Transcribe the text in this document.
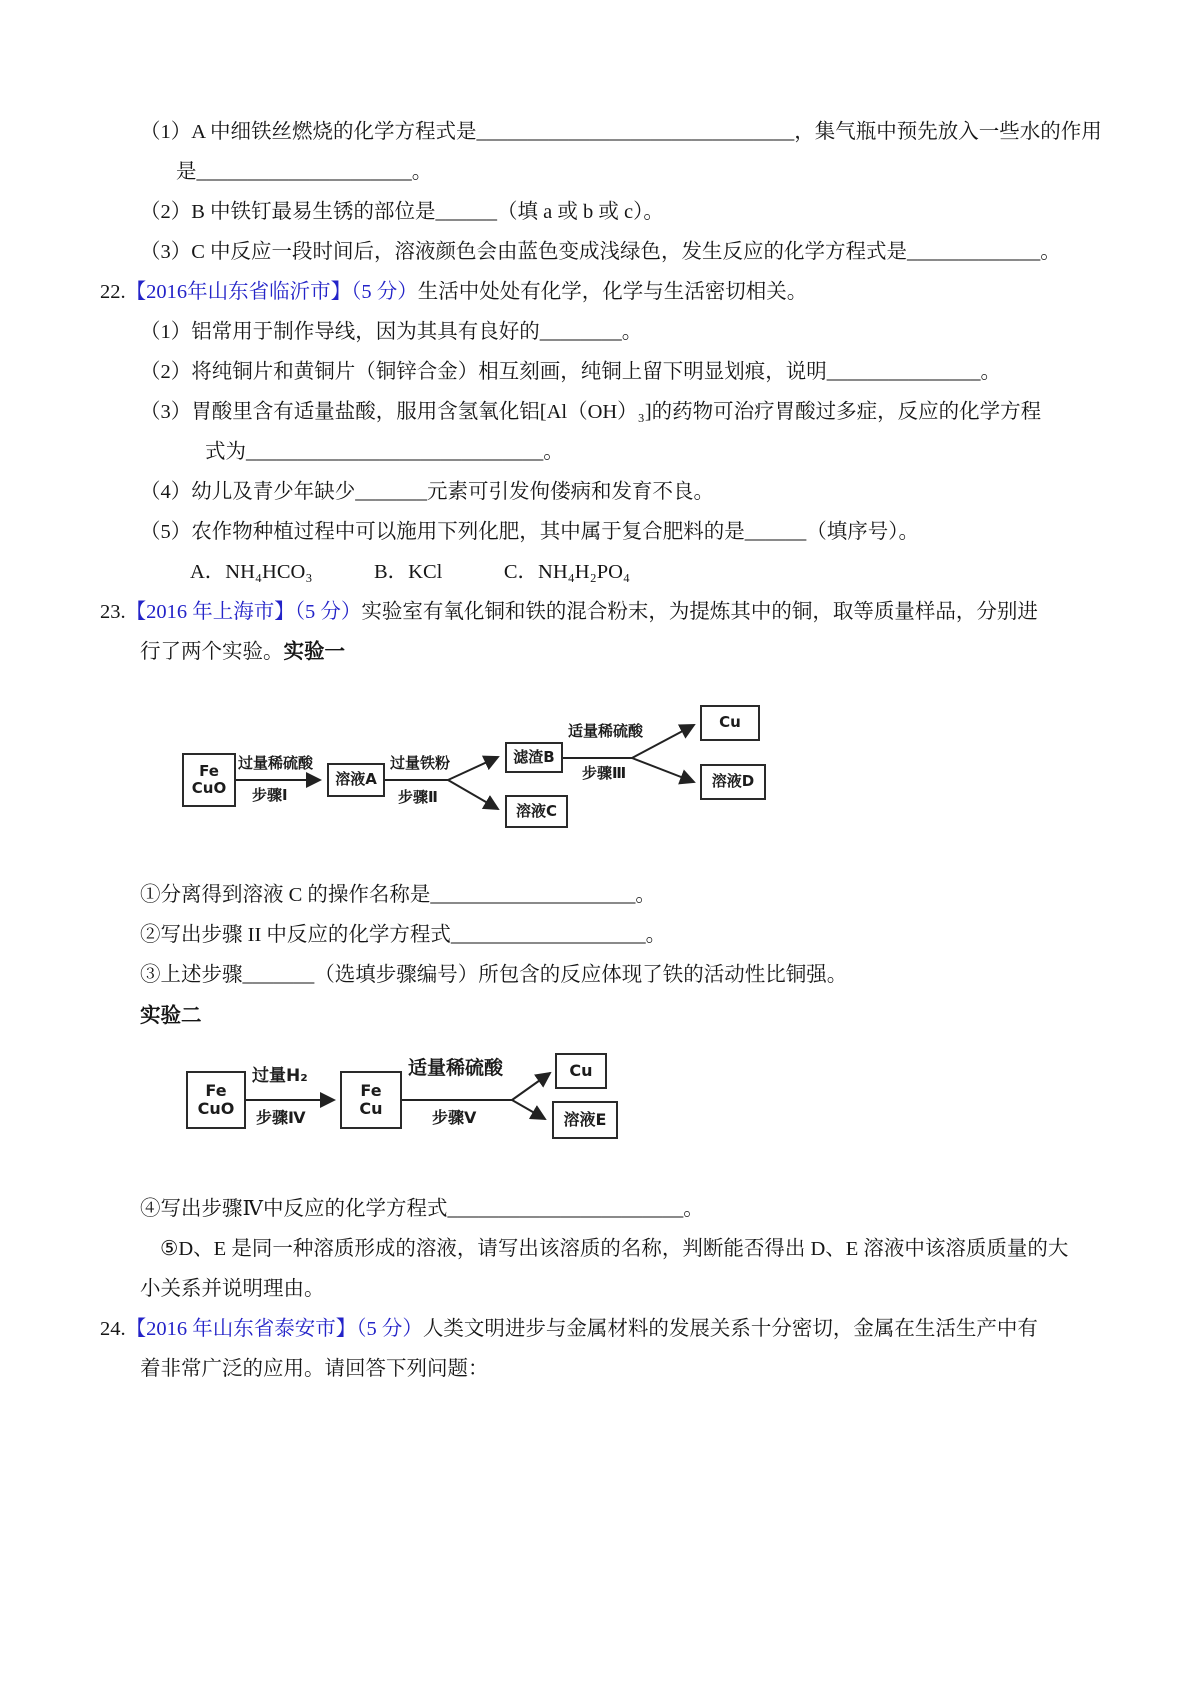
（1）A 中细铁丝燃烧的化学方程式是_______________________________，集气瓶中预先放入一些水的作用

是_____________________。

（2）B 中铁钉最易生锈的部位是______（填 a 或 b 或 c）。

（3）C 中反应一段时间后，溶液颜色会由蓝色变成浅绿色，发生反应的化学方程式是_____________。

22.【2016年山东省临沂市】（5 分）生活中处处有化学，化学与生活密切相关。

（1）铝常用于制作导线，因为其具有良好的________。

（2）将纯铜片和黄铜片（铜锌合金）相互刻画，纯铜上留下明显划痕，说明_______________。

（3）胃酸里含有适量盐酸，服用含氢氧化铝[Al（OH）₃]的药物可治疗胃酸过多症，反应的化学方程

式为_____________________________。

（4）幼儿及青少年缺少_______元素可引发佝偻病和发育不良。

（5）农作物种植过程中可以施用下列化肥，其中属于复合肥料的是______（填序号）。

A．NH₄HCO₃　　　B．KCl　　　C．NH₄H₂PO₄

23.【2016 年上海市】（5 分）实验室有氧化铜和铁的混合粉末，为提炼其中的铜，取等质量样品，分别进

行了两个实验。实验一

Fe
CuO
过量稀硫酸
步骤Ⅰ
溶液A
过量铁粉
步骤Ⅱ
滤渣B
溶液C
适量稀硫酸
步骤Ⅲ
Cu
溶液D

①分离得到溶液 C 的操作名称是____________________。

②写出步骤 II 中反应的化学方程式___________________。

③上述步骤_______（选填步骤编号）所包含的反应体现了铁的活动性比铜强。

实验二

Fe
CuO
过量H₂
步骤Ⅳ
Fe
Cu
适量稀硫酸
步骤Ⅴ
Cu
溶液E

④写出步骤Ⅳ中反应的化学方程式_______________________。

⑤D、E 是同一种溶质形成的溶液，请写出该溶质的名称，判断能否得出 D、E 溶液中该溶质质量的大

小关系并说明理由。

24.【2016 年山东省泰安市】（5 分）人类文明进步与金属材料的发展关系十分密切，金属在生活生产中有

着非常广泛的应用。请回答下列问题：
